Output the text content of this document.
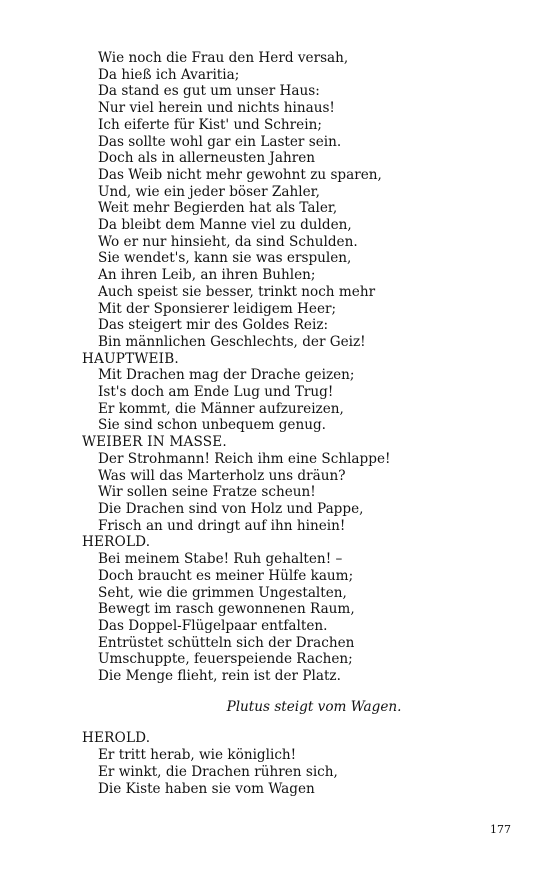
Wie noch die Frau den Herd versah,
Da hieß ich Avaritia;
Da stand es gut um unser Haus:
Nur viel herein und nichts hinaus!
Ich eiferte für Kist' und Schrein;
Das sollte wohl gar ein Laster sein.
Doch als in allerneusten Jahren
Das Weib nicht mehr gewohnt zu sparen,
Und, wie ein jeder böser Zahler,
Weit mehr Begierden hat als Taler,
Da bleibt dem Manne viel zu dulden,
Wo er nur hinsieht, da sind Schulden.
Sie wendet's, kann sie was erspulen,
An ihren Leib, an ihren Buhlen;
Auch speist sie besser, trinkt noch mehr
Mit der Sponsierer leidigem Heer;
Das steigert mir des Goldes Reiz:
Bin männlichen Geschlechts, der Geiz!
HAUPTWEIB.
Mit Drachen mag der Drache geizen;
Ist's doch am Ende Lug und Trug!
Er kommt, die Männer aufzureizen,
Sie sind schon unbequem genug.
WEIBER IN MASSE.
Der Strohmann! Reich ihm eine Schlappe!
Was will das Marterholz uns dräun?
Wir sollen seine Fratze scheun!
Die Drachen sind von Holz und Pappe,
Frisch an und dringt auf ihn hinein!
HEROLD.
Bei meinem Stabe! Ruh gehalten! –
Doch braucht es meiner Hülfe kaum;
Seht, wie die grimmen Ungestalten,
Bewegt im rasch gewonnenen Raum,
Das Doppel-Flügelpaar entfalten.
Entrüstet schütteln sich der Drachen
Umschuppte, feuerspeiende Rachen;
Die Menge flieht, rein ist der Platz.
Plutus steigt vom Wagen.
HEROLD.
Er tritt herab, wie königlich!
Er winkt, die Drachen rühren sich,
Die Kiste haben sie vom Wagen
177
